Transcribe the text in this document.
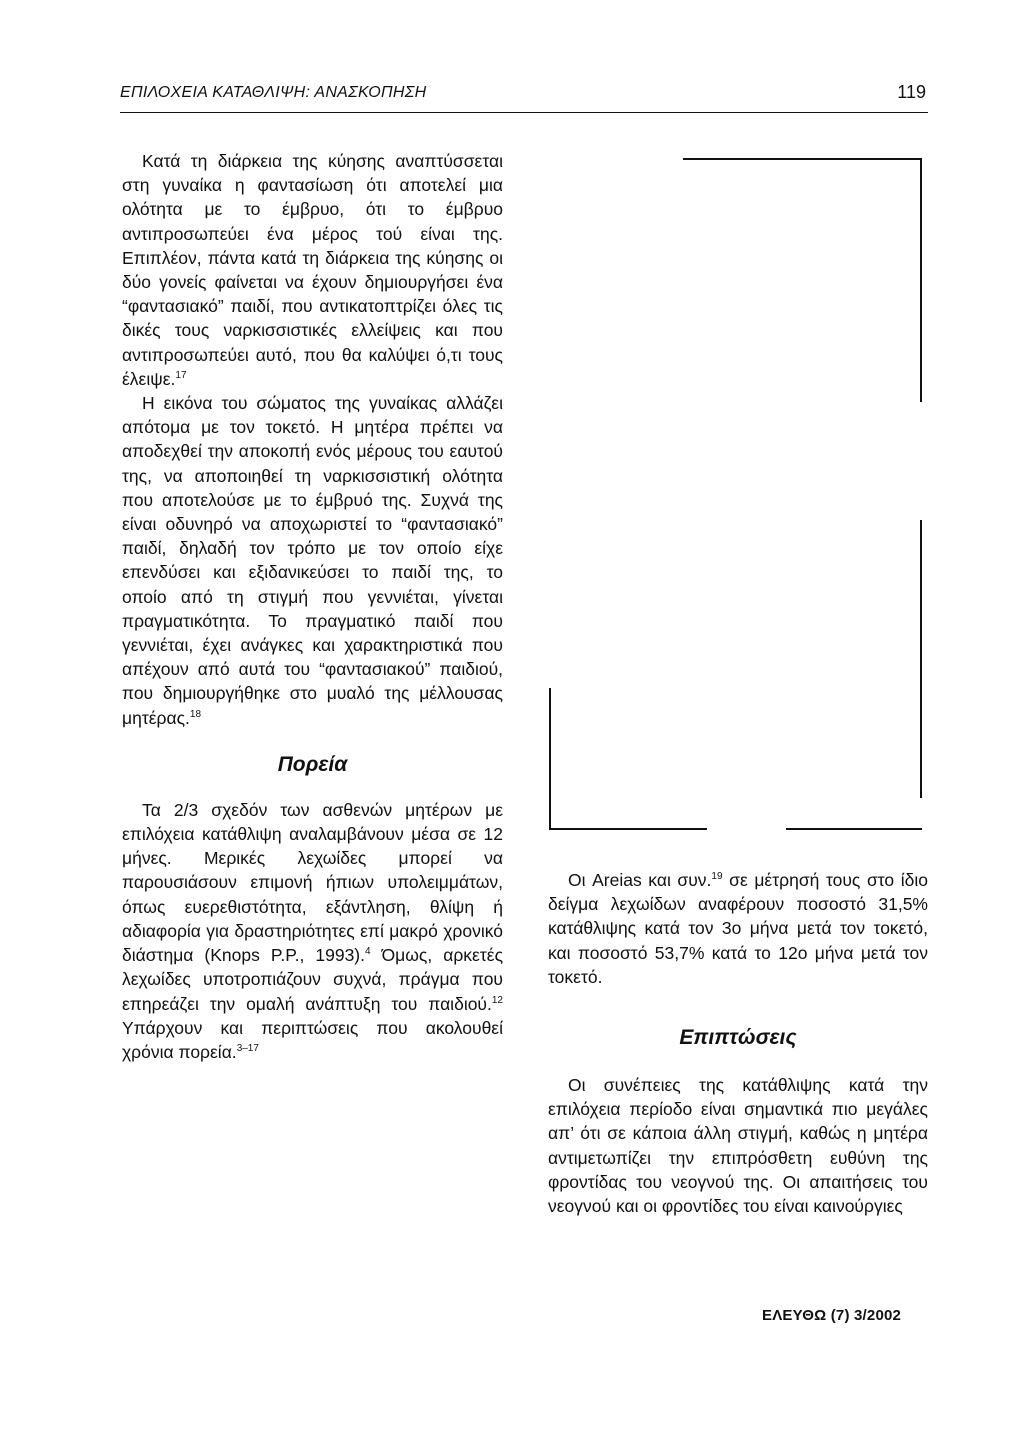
ΕΠΙΛΟΧΕΙΑ ΚΑΤΑΘΛΙΨΗ: ΑΝΑΣΚΟΠΗΣΗ	119

Κατά τη διάρκεια της κύησης αναπτύσσεται στη γυναίκα η φαντασίωση ότι αποτελεί μια ολότητα με το έμβρυο, ότι το έμβρυο αντιπροσωπεύει ένα μέρος τού είναι της. Επιπλέον, πάντα κατά τη διάρκεια της κύησης οι δύο γονείς φαίνεται να έχουν δημιουργήσει ένα “φαντασιακό” παιδί, που αντικατοπτρίζει όλες τις δικές τους ναρκισσιστικές ελλείψεις και που αντιπροσωπεύει αυτό, που θα καλύψει ό,τι τους έλειψε.$^{17}$

Η εικόνα του σώματος της γυναίκας αλλάζει απότομα με τον τοκετό. Η μητέρα πρέπει να αποδεχθεί την αποκοπή ενός μέρους του εαυτού της, να αποποιηθεί τη ναρκισσιστική ολότητα που αποτελούσε με το έμβρυό της. Συχνά της είναι οδυνηρό να αποχωριστεί το “φαντασιακό” παιδί, δηλαδή τον τρόπο με τον οποίο είχε επενδύσει και εξιδανικεύσει το παιδί της, το οποίο από τη στιγμή που γεννιέται, γίνεται πραγματικότητα. Το πραγματικό παιδί που γεννιέται, έχει ανάγκες και χαρακτηριστικά που απέχουν από αυτά του “φαντασιακού” παιδιού, που δημιουργήθηκε στο μυαλό της μέλλουσας μητέρας.$^{18}$

Πορεία

Τα 2/3 σχεδόν των ασθενών μητέρων με επιλόχεια κατάθλιψη αναλαμβάνουν μέσα σε 12 μήνες. Μερικές λεχωίδες μπορεί να παρουσιάσουν επιμονή ήπιων υπολειμμάτων, όπως ευερεθιστότητα, εξάντληση, θλίψη ή αδιαφορία για δραστηριότητες επί μακρό χρονικό διάστημα (Knops P.P., 1993).$^4$ Όμως, αρκετές λεχωίδες υποτροπιάζουν συχνά, πράγμα που επηρεάζει την ομαλή ανάπτυξη του παιδιού.$^{12}$ Υπάρχουν και περιπτώσεις που ακολουθεί χρόνια πορεία.$^{3-17}$

Οι Areias και συν.$^{19}$ σε μέτρησή τους στο ίδιο δείγμα λεχωίδων αναφέρουν ποσοστό 31,5% κατάθλιψης κατά τον 3ο μήνα μετά τον τοκετό, και ποσοστό 53,7% κατά το 12ο μήνα μετά τον τοκετό.

Επιπτώσεις

Οι συνέπειες της κατάθλιψης κατά την επιλόχεια περίοδο είναι σημαντικά πιο μεγάλες απ’ ότι σε κάποια άλλη στιγμή, καθώς η μητέρα αντιμετωπίζει την επιπρόσθετη ευθύνη της φροντίδας του νεογνού της. Οι απαιτήσεις του νεογνού και οι φροντίδες του είναι καινούργιες

ΕΛΕΥΘΩ (7) 3/2002
